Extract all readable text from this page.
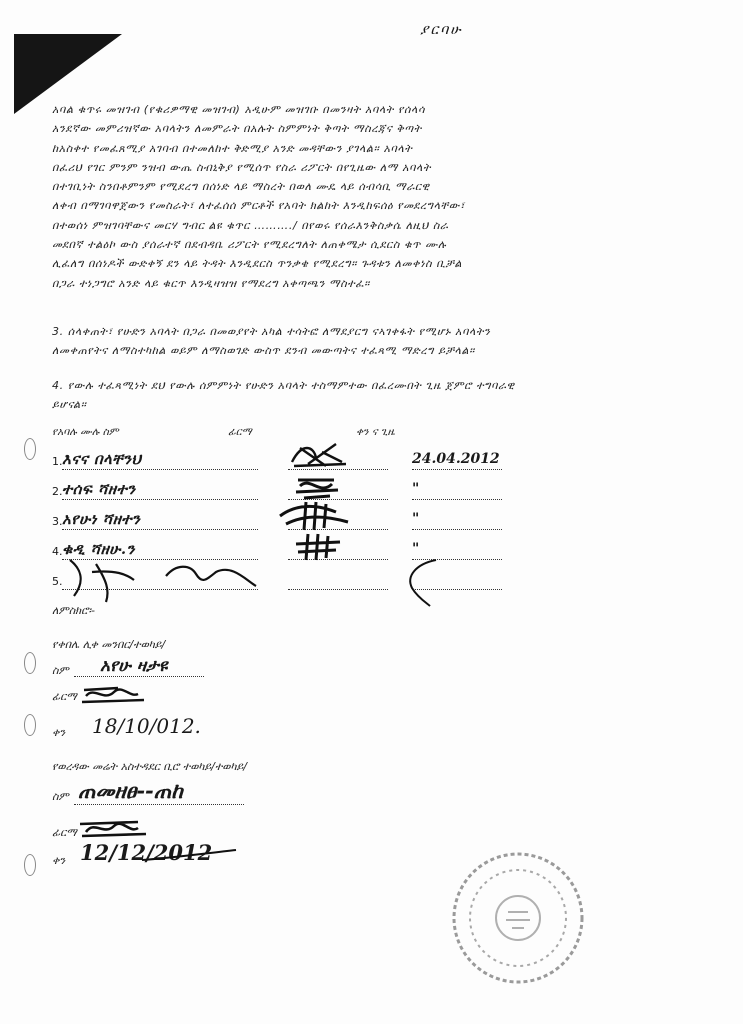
ያርባሁ
አባል ቁጥሩ መዝገብ (የቁሪዎማዊ መዝገብ) አዲሁም መዝገቡ በመንዛት አባላት የሰላሳ
አንደኛው መምሪዝኛው አባላትን ለመምራት በአሉት ስምምነት ቅጣት ማስረጃና ቅጣት
ከአስቀተ የመፈጸሚያ አገባብ በተመለከተ ቅድሚያ አንድ መዳቸውን ያገላል። አባላት
በፈሪህ የገር ምንም ንዝብ ውጤ ስብኒቅያ የሚሰጥ የስራ ሪፖርት በየጊዜው ለማ አባላት
በተገቢነት ስንበቶምንም የሚደረግ በሰነድ ላይ ማስረት በወለ ሙዴ ላይ ሰብሳቢ ማራርዊ
ለቀብ በማገባዋጀውን የመስራት፣ ለተፈሰሰ ምርቶች የአባት ክልከት እንዲከፍሰዕ የመደረግላቸው፣
በተወሰነ ምዝገባቸውና መርሃ ግብር ልዩ ቁጥር ………./ በየወሩ የሰራእንቅስቃሴ ለዚህ ስራ
መደበኛ ተልዕኮ ውስ ያሰራተኛ በደብዳቤ ሪፖርት የሚደረግለት ለጠቀሜታ ሲደርስ ቁጥ ሙሉ
ሊፈለግ በሰነዶች ውድቀኝ ደን ላይ ትዳት እንዲደርስ ጥንቃቄ የሚደረግ። ጉዳቱን ለመቀነስ ቢቻል
በጋራ ተነጋግሮ አንድ ላይ ቁርጥ እንዲዛዝዝ የማደረግ አቀጣጫን ማስተፈ።
3. ሰላቀጠት፣ የሁድን አባላት በጋራ በመወያየት አካል ተሳትፎ ለማደያርግ ናኣገቀፋት የሚሆኑ አባላትን
ለመቀጠየትና ለማስተካከል ወይም ለማስወገድ ውስጥ ደንብ መውጣትና ተፈጻሚ ማድረግ ይቻላል።
4. የውሉ ተፈጻሚነት ደህ የውሉ ሰምምነት የሁድን አባላት ተስማምተው በፈረሙበት ጊዜ ጀምሮ ተግባራዊ
ይሆናል።
የአባሉ ሙሉ ስም	ፊርማ	ቀን ና ጊዜ
1. እናና በላቸንህ	24.04.2012
2. ተሰፍ ሻዘተን	"
3. አየሁነ ሻዘተን	"
4. ቁዲ ሻዘሁ.ን	"
5.
ለምስክሮ፡-
የቀበሌ ሊቀ መንበር/ተወካይ/
ስም አየሁ ዛታዩ
ፊርማ
ቀን 18/10/012.
የወረዳው መሬት አስተዳደር ቢሮ ተወካይ/ተወካይ/
ስም ጠመዘፀ--ጠከ
ፊርማ
ቀን 12/12/2012
